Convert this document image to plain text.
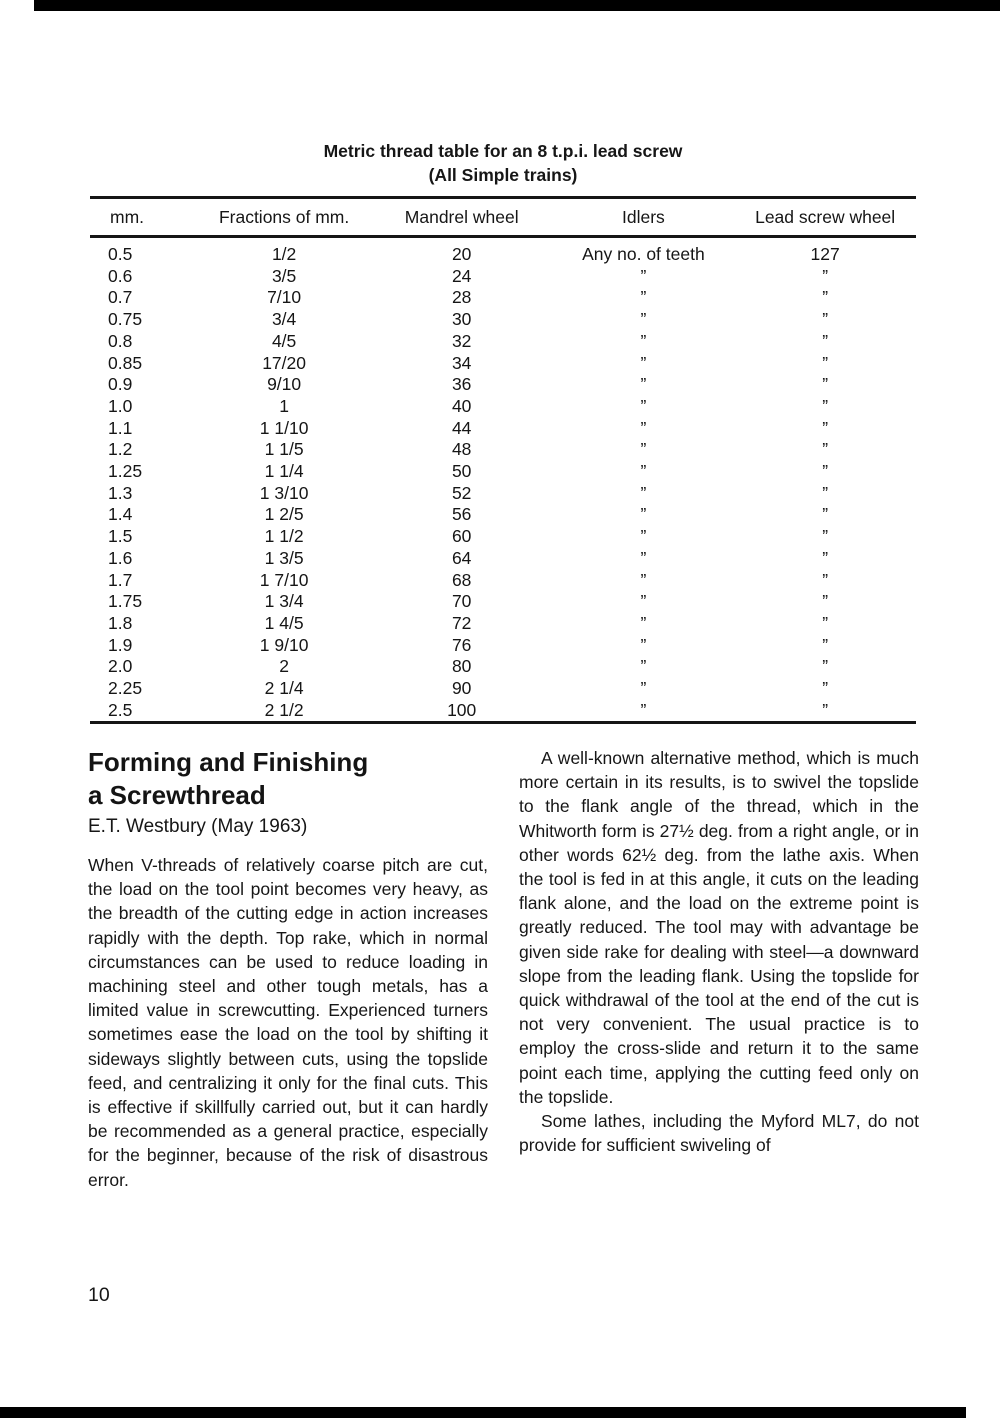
Metric thread table for an 8 t.p.i. lead screw
(All Simple trains)
mm.	Fractions of mm.	Mandrel wheel	Idlers	Lead screw wheel
0.5	1/2	20	Any no. of teeth	127
0.6	3/5	24	”	”
0.7	7/10	28	”	”
0.75	3/4	30	”	”
0.8	4/5	32	”	”
0.85	17/20	34	”	”
0.9	9/10	36	”	”
1.0	1	40	”	”
1.1	1 1/10	44	”	”
1.2	1 1/5	48	”	”
1.25	1 1/4	50	”	”
1.3	1 3/10	52	”	”
1.4	1 2/5	56	”	”
1.5	1 1/2	60	”	”
1.6	1 3/5	64	”	”
1.7	1 7/10	68	”	”
1.75	1 3/4	70	”	”
1.8	1 4/5	72	”	”
1.9	1 9/10	76	”	”
2.0	2	80	”	”
2.25	2 1/4	90	”	”
2.5	2 1/2	100	”	”
Forming and Finishing
a Screwthread
E.T. Westbury (May 1963)

When V-threads of relatively coarse pitch are cut, the load on the tool point becomes very heavy, as the breadth of the cutting edge in action increases rapidly with the depth. Top rake, which in normal circumstances can be used to reduce loading in machining steel and other tough metals, has a limited value in screwcutting. Experienced turners sometimes ease the load on the tool by shifting it sideways slightly between cuts, using the topslide feed, and centralizing it only for the final cuts. This is effective if skillfully carried out, but it can hardly be recommended as a general practice, especially for the beginner, because of the risk of disastrous error.

A well-known alternative method, which is much more certain in its results, is to swivel the topslide to the flank angle of the thread, which in the Whitworth form is 27½ deg. from a right angle, or in other words 62½ deg. from the lathe axis. When the tool is fed in at this angle, it cuts on the leading flank alone, and the load on the extreme point is greatly reduced. The tool may with advantage be given side rake for dealing with steel—a downward slope from the leading flank. Using the topslide for quick withdrawal of the tool at the end of the cut is not very convenient. The usual practice is to employ the cross-slide and return it to the same point each time, applying the cutting feed only on the topslide.

Some lathes, including the Myford ML7, do not provide for sufficient swiveling of

10
